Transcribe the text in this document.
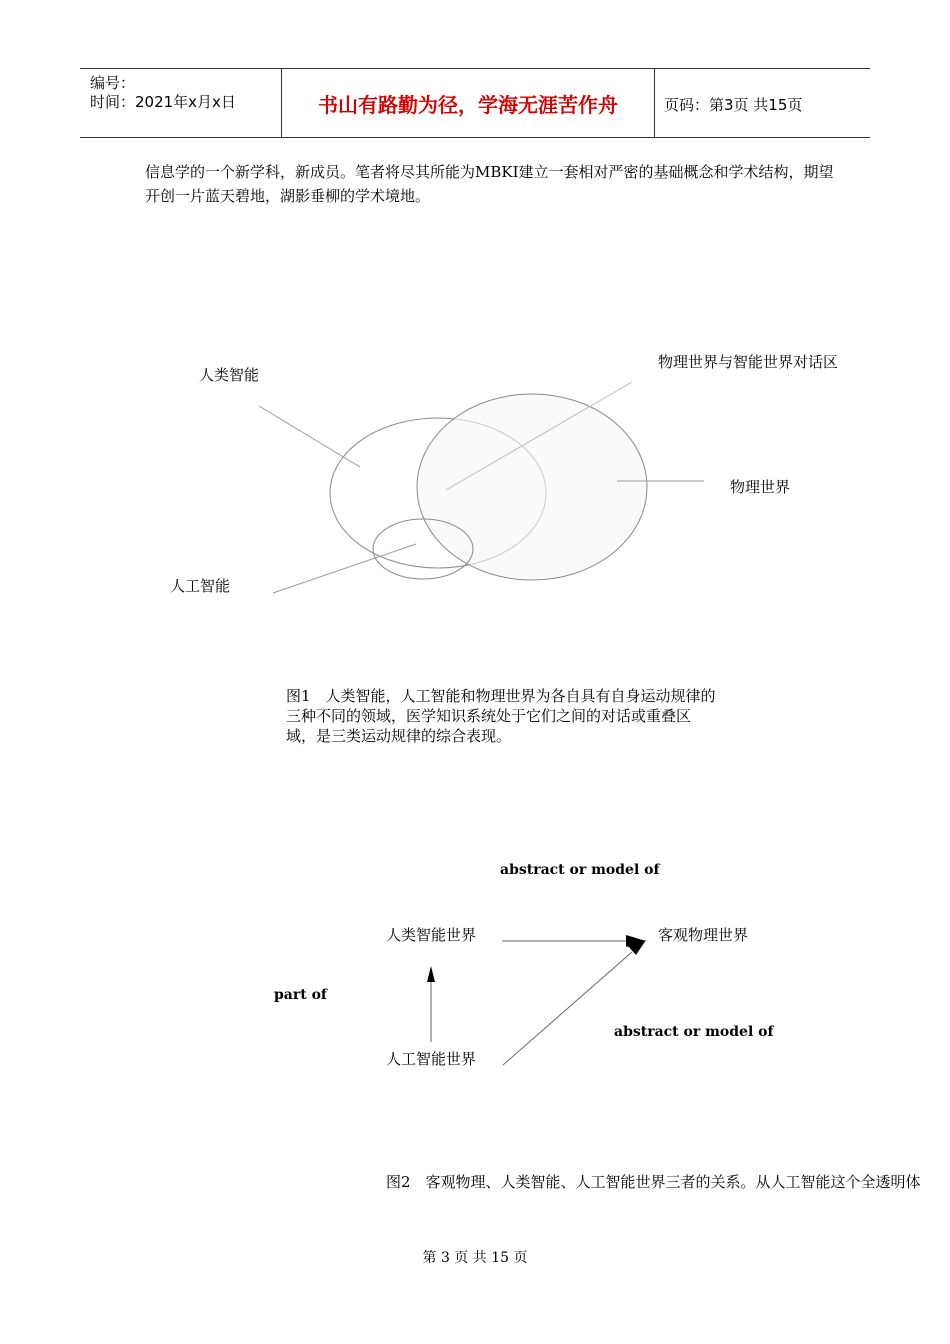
编号：
时间：2021年x月x日	书山有路勤为径，学海无涯苦作舟	页码：第3页 共15页

信息学的一个新学科，新成员。笔者将尽其所能为MBKI建立一套相对严密的基础概念和学术结构，期望开创一片蓝天碧地，湖影垂柳的学术境地。

人类智能
物理世界与智能世界对话区
物理世界
人工智能
图1　人类智能，人工智能和物理世界为各自具有自身运动规律的三种不同的领域，医学知识系统处于它们之间的对话或重叠区域，是三类运动规律的综合表现。
abstract or model of
人类智能世界	客观物理世界
part of
abstract or model of
人工智能世界
图2　客观物理、人类智能、人工智能世界三者的关系。从人工智能这个全透明体
第 3 页 共 15 页
